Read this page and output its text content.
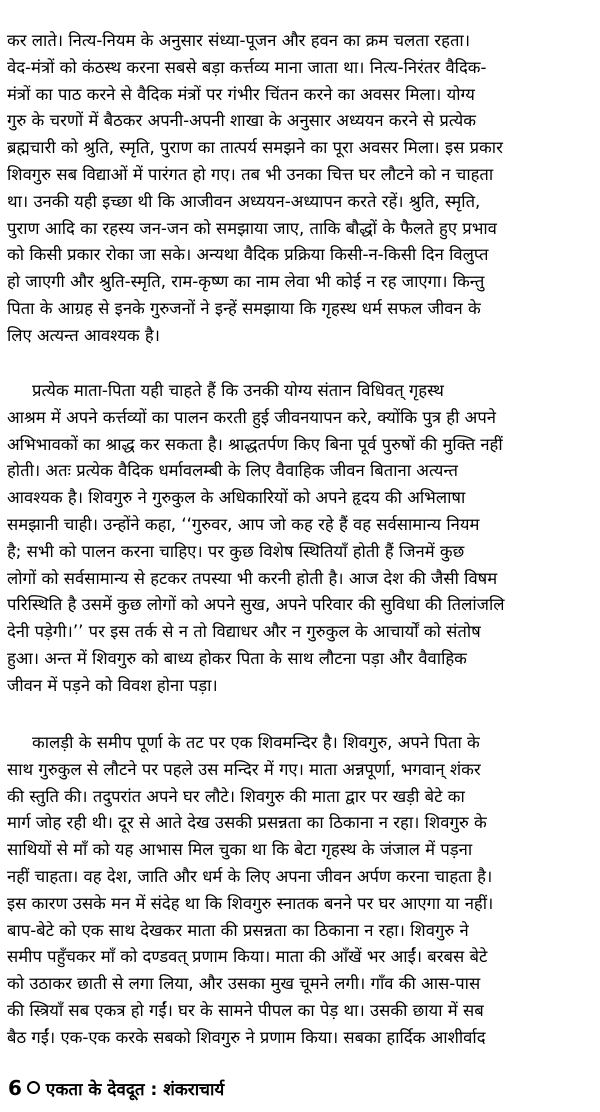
कर लाते। नित्य-नियम के अनुसार संध्या-पूजन और हवन का क्रम चलता रहता।
वेद-मंत्रों को कंठस्थ करना सबसे बड़ा कर्त्तव्य माना जाता था। नित्य-निरंतर वैदिक-
मंत्रों का पाठ करने से वैदिक मंत्रों पर गंभीर चिंतन करने का अवसर मिला। योग्य
गुरु के चरणों में बैठकर अपनी-अपनी शाखा के अनुसार अध्ययन करने से प्रत्येक
ब्रह्मचारी को श्रुति, स्मृति, पुराण का तात्पर्य समझने का पूरा अवसर मिला। इस प्रकार
शिवगुरु सब विद्याओं में पारंगत हो गए। तब भी उनका चित्त घर लौटने को न चाहता
था। उनकी यही इच्छा थी कि आजीवन अध्ययन-अध्यापन करते रहें। श्रुति, स्मृति,
पुराण आदि का रहस्य जन-जन को समझाया जाए, ताकि बौद्धों के फैलते हुए प्रभाव
को किसी प्रकार रोका जा सके। अन्यथा वैदिक प्रक्रिया किसी-न-किसी दिन विलुप्त
हो जाएगी और श्रुति-स्मृति, राम-कृष्ण का नाम लेवा भी कोई न रह जाएगा। किन्तु
पिता के आग्रह से इनके गुरुजनों ने इन्हें समझाया कि गृहस्थ धर्म सफल जीवन के
लिए अत्यन्त आवश्यक है।
प्रत्येक माता-पिता यही चाहते हैं कि उनकी योग्य संतान विधिवत् गृहस्थ
आश्रम में अपने कर्त्तव्यों का पालन करती हुई जीवनयापन करे, क्योंकि पुत्र ही अपने
अभिभावकों का श्राद्ध कर सकता है। श्राद्धतर्पण किए बिना पूर्व पुरुषों की मुक्ति नहीं
होती। अतः प्रत्येक वैदिक धर्मावलम्बी के लिए वैवाहिक जीवन बिताना अत्यन्त
आवश्यक है। शिवगुरु ने गुरुकुल के अधिकारियों को अपने हृदय की अभिलाषा
समझानी चाही। उन्होंने कहा, ‘‘गुरुवर, आप जो कह रहे हैं वह सर्वसामान्य नियम
है; सभी को पालन करना चाहिए। पर कुछ विशेष स्थितियाँ होती हैं जिनमें कुछ
लोगों को सर्वसामान्य से हटकर तपस्या भी करनी होती है। आज देश की जैसी विषम
परिस्थिति है उसमें कुछ लोगों को अपने सुख, अपने परिवार की सुविधा की तिलांजलि
देनी पड़ेगी।’’ पर इस तर्क से न तो विद्याधर और न गुरुकुल के आचार्यों को संतोष
हुआ। अन्त में शिवगुरु को बाध्य होकर पिता के साथ लौटना पड़ा और वैवाहिक
जीवन में पड़ने को विवश होना पड़ा।
कालड़ी के समीप पूर्णा के तट पर एक शिवमन्दिर है। शिवगुरु, अपने पिता के
साथ गुरुकुल से लौटने पर पहले उस मन्दिर में गए। माता अन्नपूर्णा, भगवान् शंकर
की स्तुति की। तदुपरांत अपने घर लौटे। शिवगुरु की माता द्वार पर खड़ी बेटे का
मार्ग जोह रही थी। दूर से आते देख उसकी प्रसन्नता का ठिकाना न रहा। शिवगुरु के
साथियों से माँ को यह आभास मिल चुका था कि बेटा गृहस्थ के जंजाल में पड़ना
नहीं चाहता। वह देश, जाति और धर्म के लिए अपना जीवन अर्पण करना चाहता है।
इस कारण उसके मन में संदेह था कि शिवगुरु स्नातक बनने पर घर आएगा या नहीं।
बाप-बेटे को एक साथ देखकर माता की प्रसन्नता का ठिकाना न रहा। शिवगुरु ने
समीप पहुँचकर माँ को दण्डवत् प्रणाम किया। माता की आँखें भर आईं। बरबस बेटे
को उठाकर छाती से लगा लिया, और उसका मुख चूमने लगी। गाँव की आस-पास
की स्त्रियाँ सब एकत्र हो गईं। घर के सामने पीपल का पेड़ था। उसकी छाया में सब
बैठ गईं। एक-एक करके सबको शिवगुरु ने प्रणाम किया। सबका हार्दिक आशीर्वाद
6 एकता के देवदूत : शंकराचार्य
